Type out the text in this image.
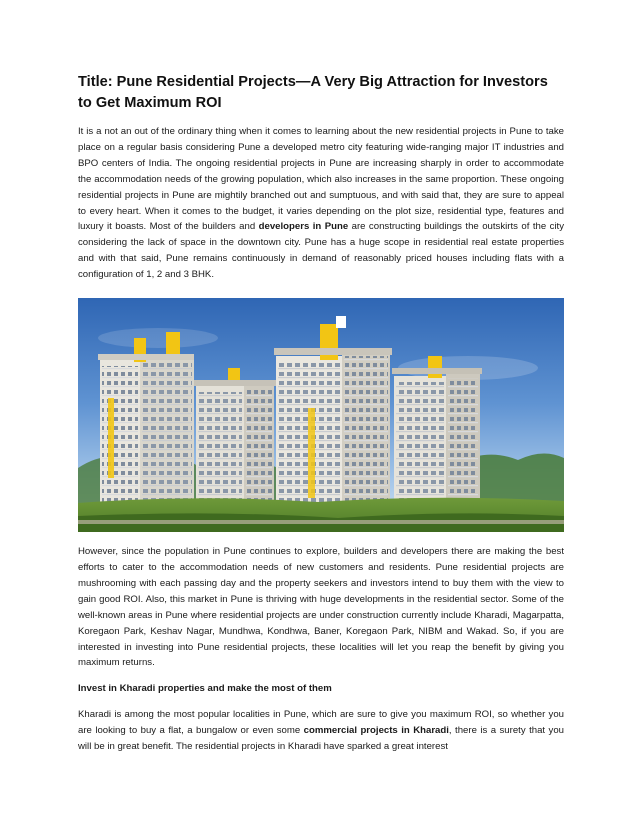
Title: Pune Residential Projects—A Very Big Attraction for Investors to Get Maximum ROI

It is a not an out of the ordinary thing when it comes to learning about the new residential projects in Pune to take place on a regular basis considering Pune a developed metro city featuring wide-ranging major IT industries and BPO centers of India. The ongoing residential projects in Pune are increasing sharply in order to accommodate the accommodation needs of the growing population, which also increases in the same proportion. These ongoing residential projects in Pune are mightily branched out and sumptuous, and with said that, they are sure to appeal to every heart. When it comes to the budget, it varies depending on the plot size, residential type, features and luxury it boasts. Most of the builders and developers in Pune are constructing buildings the outskirts of the city considering the lack of space in the downtown city. Pune has a huge scope in residential real estate properties and with that said, Pune remains continuously in demand of reasonably priced houses including flats with a configuration of 1, 2 and 3 BHK.

However, since the population in Pune continues to explore, builders and developers there are making the best efforts to cater to the accommodation needs of new customers and residents. Pune residential projects are mushrooming with each passing day and the property seekers and investors intend to buy them with the view to gain good ROI. Also, this market in Pune is thriving with huge developments in the residential sector. Some of the well-known areas in Pune where residential projects are under construction currently include Kharadi, Magarpatta, Koregaon Park, Keshav Nagar, Mundhwa, Kondhwa, Baner, Koregaon Park, NIBM and Wakad. So, if you are interested in investing into Pune residential projects, these localities will let you reap the benefit by giving you maximum returns.

Invest in Kharadi properties and make the most of them

Kharadi is among the most popular localities in Pune, which are sure to give you maximum ROI, so whether you are looking to buy a flat, a bungalow or even some commercial projects in Kharadi, there is a surety that you will be in great benefit. The residential projects in Kharadi have sparked a great interest
